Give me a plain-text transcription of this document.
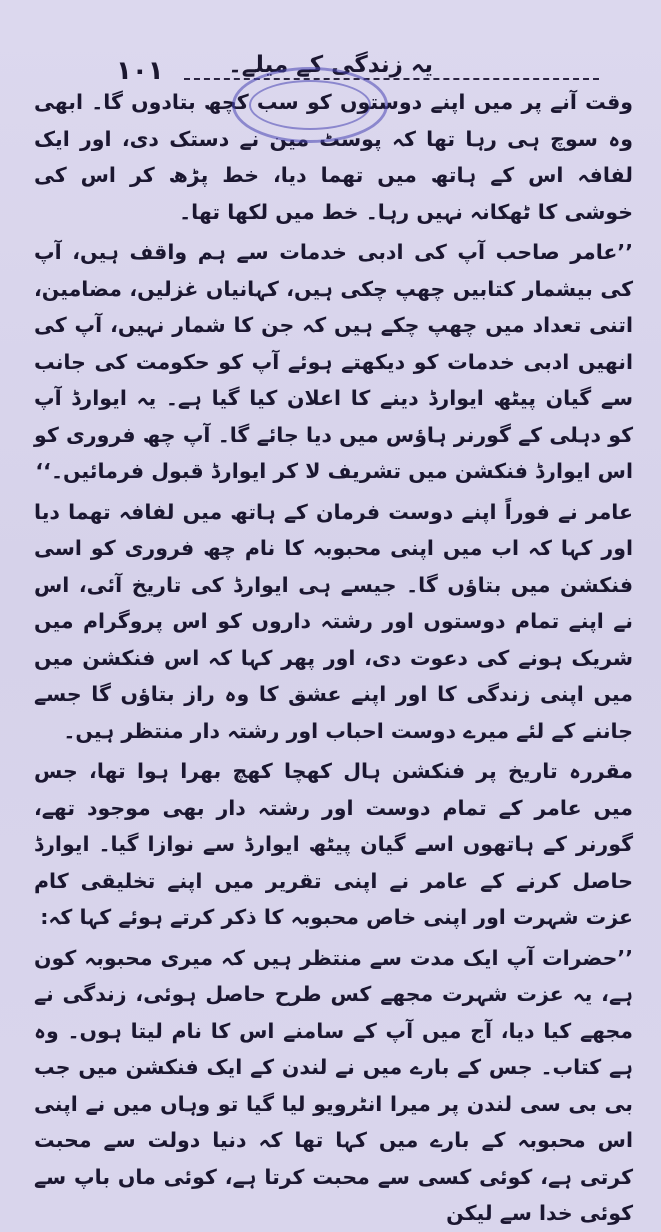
١٠١	یہ زندگی کے میلے۔

وقت آنے پر میں اپنے دوستوں کو سب کچھ بتادوں گا۔ ابھی وہ سوچ ہی رہا تھا کہ پوسٹ مین نے دستک دی، اور ایک لفافہ اس کے ہاتھ میں تھما دیا، خط پڑھ کر اس کی خوشی کا ٹھکانہ نہیں رہا۔ خط میں لکھا تھا۔

’’عامر صاحب آپ کی ادبی خدمات سے ہم واقف ہیں، آپ کی بیشمار کتابیں چھپ چکی ہیں، کہانیاں غزلیں، مضامین، اتنی تعداد میں چھپ چکے ہیں کہ جن کا شمار نہیں، آپ کی انھیں ادبی خدمات کو دیکھتے ہوئے آپ کو حکومت کی جانب سے گیان پیٹھ ایوارڈ دینے کا اعلان کیا گیا ہے۔ یہ ایوارڈ آپ کو دہلی کے گورنر ہاؤس میں دیا جائے گا۔ آپ چھ فروری کو اس ایوارڈ فنکشن میں تشریف لا کر ایوارڈ قبول فرمائیں۔‘‘

عامر نے فوراً اپنے دوست فرمان کے ہاتھ میں لفافہ تھما دیا اور کہا کہ اب میں اپنی محبوبہ کا نام چھ فروری کو اسی فنکشن میں بتاؤں گا۔ جیسے ہی ایوارڈ کی تاریخ آئی، اس نے اپنے تمام دوستوں اور رشتہ داروں کو اس پروگرام میں شریک ہونے کی دعوت دی، اور پھر کہا کہ اس فنکشن میں میں اپنی زندگی کا اور اپنے عشق کا وہ راز بتاؤں گا جسے جاننے کے لئے میرے دوست احباب اور رشتہ دار منتظر ہیں۔

مقررہ تاریخ پر فنکشن ہال کھچا کھچ بھرا ہوا تھا، جس میں عامر کے تمام دوست اور رشتہ دار بھی موجود تھے، گورنر کے ہاتھوں اسے گیان پیٹھ ایوارڈ سے نوازا گیا۔ ایوارڈ حاصل کرنے کے عامر نے اپنی تقریر میں اپنے تخلیقی کام عزت شہرت اور اپنی خاص محبوبہ کا ذکر کرتے ہوئے کہا کہ:

’’حضرات آپ ایک مدت سے منتظر ہیں کہ میری محبوبہ کون ہے، یہ عزت شہرت مجھے کس طرح حاصل ہوئی، زندگی نے مجھے کیا دیا، آج میں آپ کے سامنے اس کا نام لیتا ہوں۔ وہ ہے کتاب۔ جس کے بارے میں نے لندن کے ایک فنکشن میں جب بی بی سی لندن پر میرا انٹرویو لیا گیا تو وہاں میں نے اپنی اس محبوبہ کے بارے میں کہا تھا کہ دنیا دولت سے محبت کرتی ہے، کوئی کسی سے محبت کرتا ہے، کوئی ماں باپ سے کوئی خدا سے لیکن
